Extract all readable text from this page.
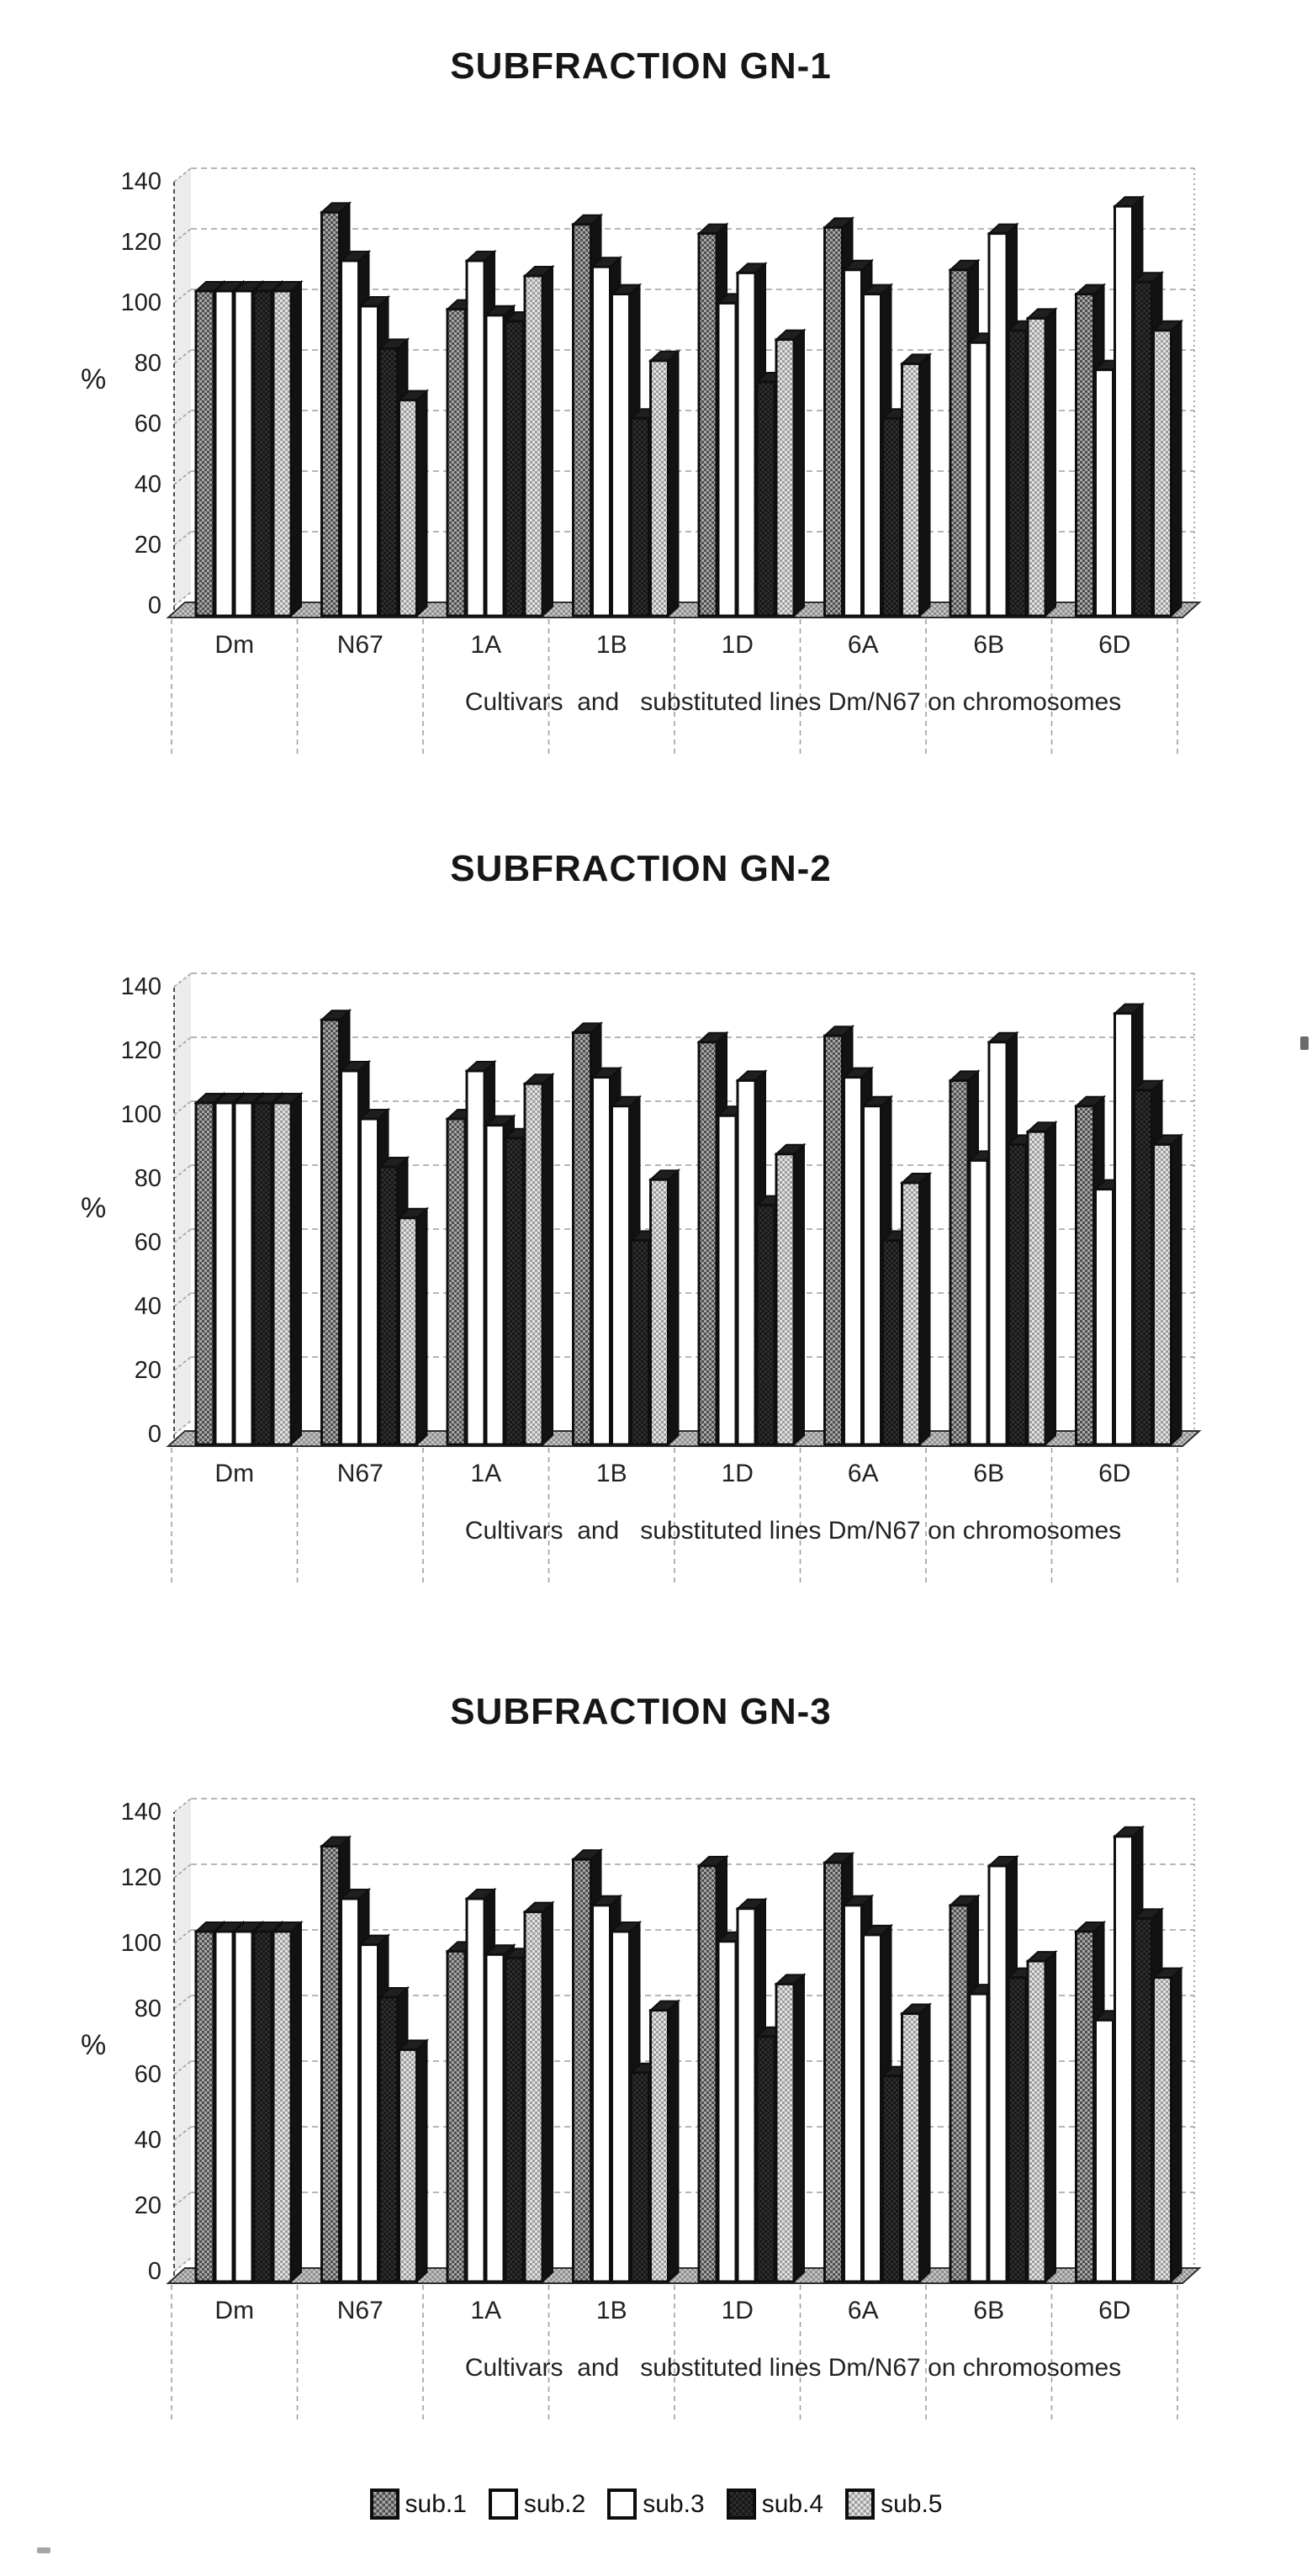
SUBFRACTION GN-1
0
20
40
60
80
100
120
140
%
Dm	N67	1A	1B	1D	6A	6B	6D
Cultivars  and   substituted lines Dm/N67 on chromosomes
SUBFRACTION GN-2
0
20
40
60
80
100
120
140
%
Dm	N67	1A	1B	1D	6A	6B	6D
Cultivars  and   substituted lines Dm/N67 on chromosomes
SUBFRACTION GN-3
0
20
40
60
80
100
120
140
%
Dm	N67	1A	1B	1D	6A	6B	6D
Cultivars  and   substituted lines Dm/N67 on chromosomes
sub.1 sub.2 sub.3 sub.4 sub.5
